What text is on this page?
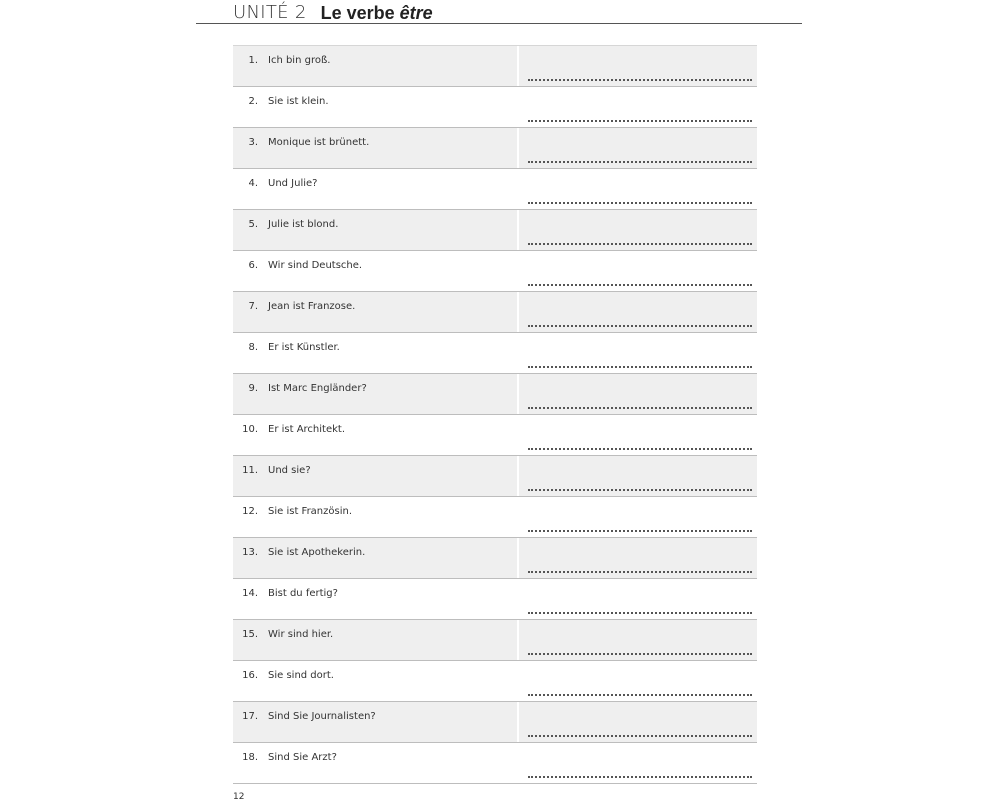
UNITÉ 2 Le verbe être
1. Ich bin groß.
2. Sie ist klein.
3. Monique ist brünett.
4. Und Julie?
5. Julie ist blond.
6. Wir sind Deutsche.
7. Jean ist Franzose.
8. Er ist Künstler.
9. Ist Marc Engländer?
10. Er ist Architekt.
11. Und sie?
12. Sie ist Französin.
13. Sie ist Apothekerin.
14. Bist du fertig?
15. Wir sind hier.
16. Sie sind dort.
17. Sind Sie Journalisten?
18. Sind Sie Arzt?
12
